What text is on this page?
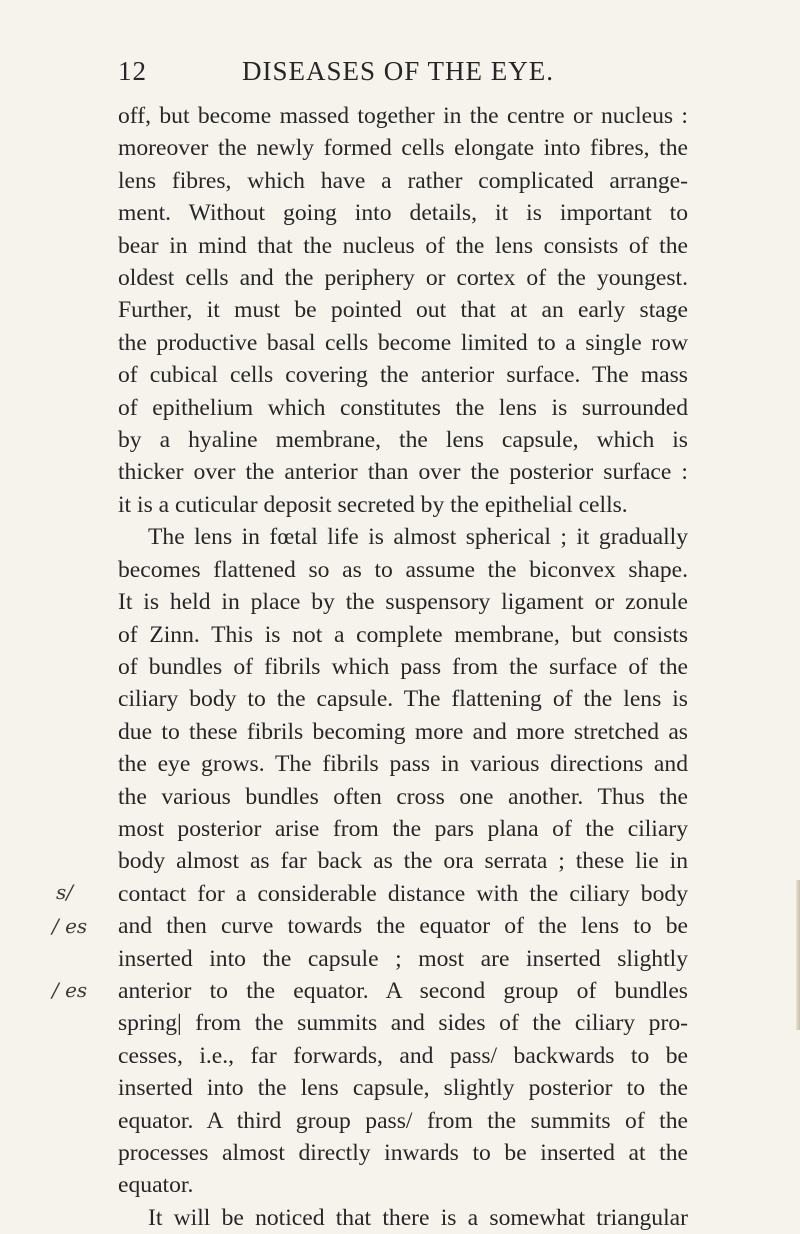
12	DISEASES OF THE EYE.

off, but become massed together in the centre or nucleus :
moreover the newly formed cells elongate into fibres, the
lens fibres, which have a rather complicated arrange-
ment. Without going into details, it is important to
bear in mind that the nucleus of the lens consists of the
oldest cells and the periphery or cortex of the youngest.
Further, it must be pointed out that at an early stage
the productive basal cells become limited to a single row
of cubical cells covering the anterior surface. The mass
of epithelium which constitutes the lens is surrounded
by a hyaline membrane, the lens capsule, which is
thicker over the anterior than over the posterior surface :
it is a cuticular deposit secreted by the epithelial cells.

The lens in fœtal life is almost spherical ; it gradually
becomes flattened so as to assume the biconvex shape.
It is held in place by the suspensory ligament or zonule
of Zinn. This is not a complete membrane, but consists
of bundles of fibrils which pass from the surface of the
ciliary body to the capsule. The flattening of the lens is
due to these fibrils becoming more and more stretched as
the eye grows. The fibrils pass in various directions and
the various bundles often cross one another. Thus the
most posterior arise from the pars plana of the ciliary
body almost as far back as the ora serrata ; these lie in
contact for a considerable distance with the ciliary body
and then curve towards the equator of the lens to be
inserted into the capsule ; most are inserted slightly
anterior to the equator. A second group of bundles
spring| from the summits and sides of the ciliary pro-
cesses, i.e., far forwards, and pass/ backwards to be
inserted into the lens capsule, slightly posterior to the
equator. A third group pass/ from the summits of the
processes almost directly inwards to be inserted at the
equator.

It will be noticed that there is a somewhat triangular

s/
/ es
/ es
